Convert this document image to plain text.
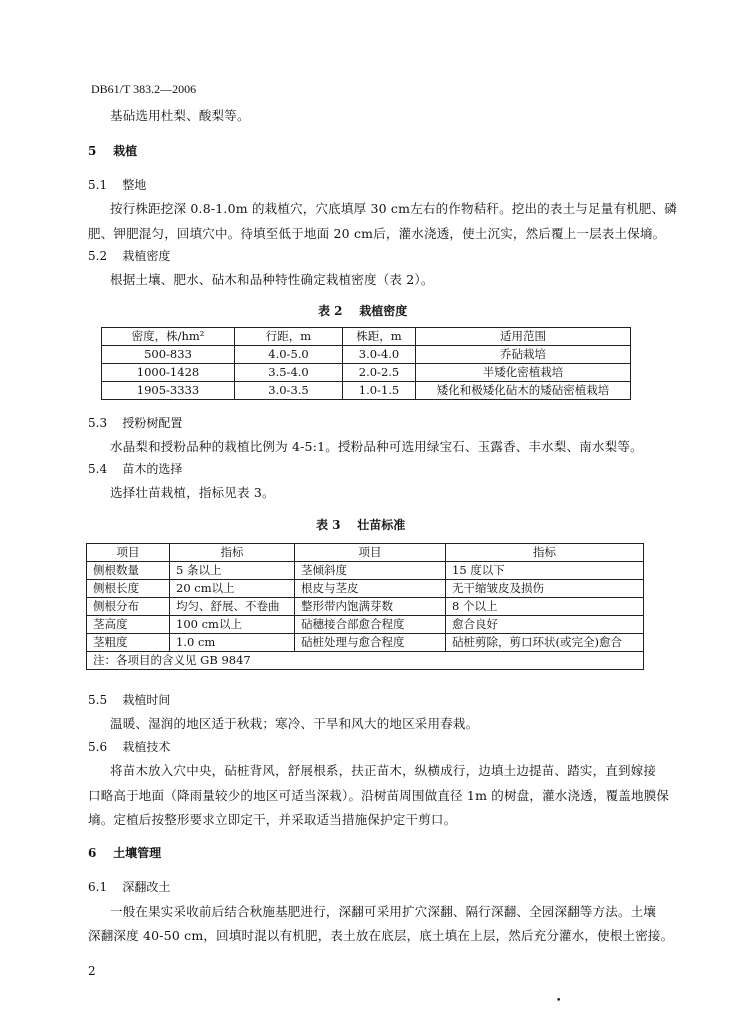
DB61/T 383.2—2006
基砧选用杜梨、酸梨等。
5 栽植
5.1 整地
按行株距挖深 0.8-1.0m 的栽植穴，穴底填厚 30 cm左右的作物秸秆。挖出的表土与足量有机肥、磷
肥、钾肥混匀，回填穴中。待填至低于地面 20 cm后，灌水浇透，使土沉实，然后覆上一层表土保墒。
5.2 栽植密度
根据土壤、肥水、砧木和品种特性确定栽植密度（表 2）。
表 2 栽植密度
密度，株/hm²	行距，m	株距，m	适用范围
500-833	4.0-5.0	3.0-4.0	乔砧栽培
1000-1428	3.5-4.0	2.0-2.5	半矮化密植栽培
1905-3333	3.0-3.5	1.0-1.5	矮化和极矮化砧木的矮砧密植栽培
5.3 授粉树配置
水晶梨和授粉品种的栽植比例为 4-5:1。授粉品种可选用绿宝石、玉露香、丰水梨、南水梨等。
5.4 苗木的选择
选择壮苗栽植，指标见表 3。
表 3 壮苗标准
项目	指标	项目	指标
侧根数量	5 条以上	茎倾斜度	15 度以下
侧根长度	20 cm以上	根皮与茎皮	无干缩皱皮及损伤
侧根分布	均匀、舒展、不卷曲	整形带内饱满芽数	8 个以上
茎高度	100 cm以上	砧穗接合部愈合程度	愈合良好
茎粗度	1.0 cm	砧桩处理与愈合程度	砧桩剪除，剪口环状(或完全)愈合
注：各项目的含义见 GB 9847			
5.5 栽植时间
温暖、湿润的地区适于秋栽；寒冷、干旱和风大的地区采用春栽。
5.6 栽植技术
将苗木放入穴中央，砧桩背风，舒展根系，扶正苗木，纵横成行，边填土边提苗、踏实，直到嫁接
口略高于地面（降雨量较少的地区可适当深栽）。沿树苗周围做直径 1m 的树盘，灌水浇透，覆盖地膜保
墒。定植后按整形要求立即定干，并采取适当措施保护定干剪口。
6 土壤管理
6.1 深翻改土
一般在果实采收前后结合秋施基肥进行，深翻可采用扩穴深翻、隔行深翻、全园深翻等方法。土壤
深翻深度 40-50 cm，回填时混以有机肥，表土放在底层，底土填在上层，然后充分灌水，使根土密接。
2
•
